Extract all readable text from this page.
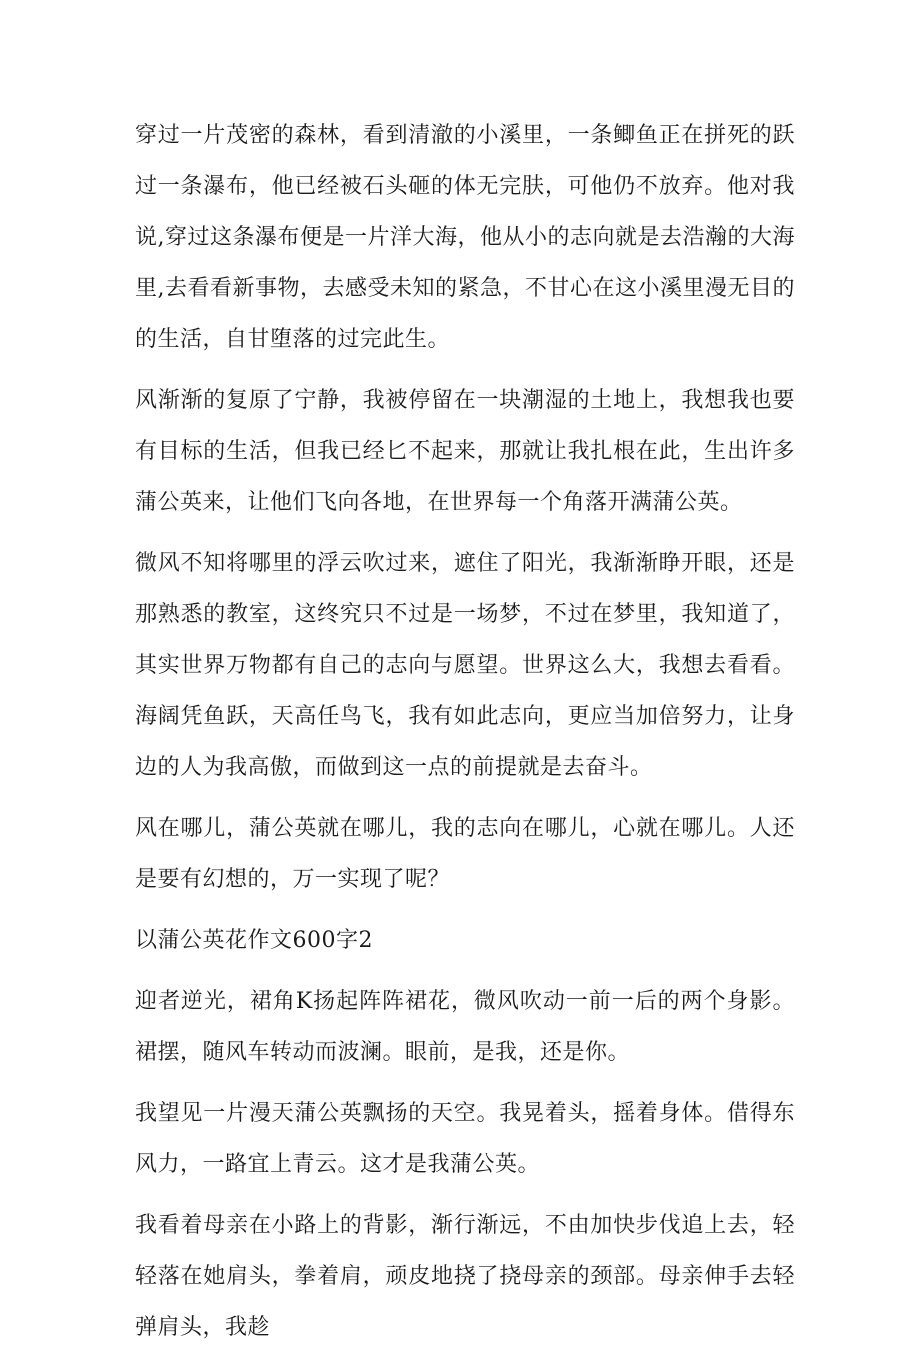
穿过一片茂密的森林，看到清澈的小溪里，一条鲫鱼正在拼死的跃过一条瀑布，他已经被石头砸的体无完肤，可他仍不放弃。他对我说,穿过这条瀑布便是一片洋大海，他从小的志向就是去浩瀚的大海里,去看看新事物，去感受未知的紧急，不甘心在这小溪里漫无目的的生活，自甘堕落的过完此生。

风渐渐的复原了宁静，我被停留在一块潮湿的土地上，我想我也要有目标的生活，但我已经匕不起来，那就让我扎根在此，生出许多蒲公英来，让他们飞向各地，在世界每一个角落开满蒲公英。

微风不知将哪里的浮云吹过来，遮住了阳光，我渐渐睁开眼，还是那熟悉的教室，这终究只不过是一场梦，不过在梦里，我知道了，其实世界万物都有自己的志向与愿望。世界这么大，我想去看看。海阔凭鱼跃，天高任鸟飞，我有如此志向，更应当加倍努力，让身边的人为我高傲，而做到这一点的前提就是去奋斗。

风在哪儿，蒲公英就在哪儿，我的志向在哪儿，心就在哪儿。人还是要有幻想的，万一实现了呢？

以蒲公英花作文600字2

迎者逆光，裙角K扬起阵阵裙花，微风吹动一前一后的两个身影。裙摆，随风车转动而波澜。眼前，是我，还是你。

我望见一片漫天蒲公英飘扬的天空。我晃着头，摇着身体。借得东风力，一路宜上青云。这才是我蒲公英。

我看着母亲在小路上的背影，渐行渐远，不由加快步伐追上去，轻轻落在她肩头，拳着肩，顽皮地挠了挠母亲的颈部。母亲伸手去轻弹肩头，我趁
